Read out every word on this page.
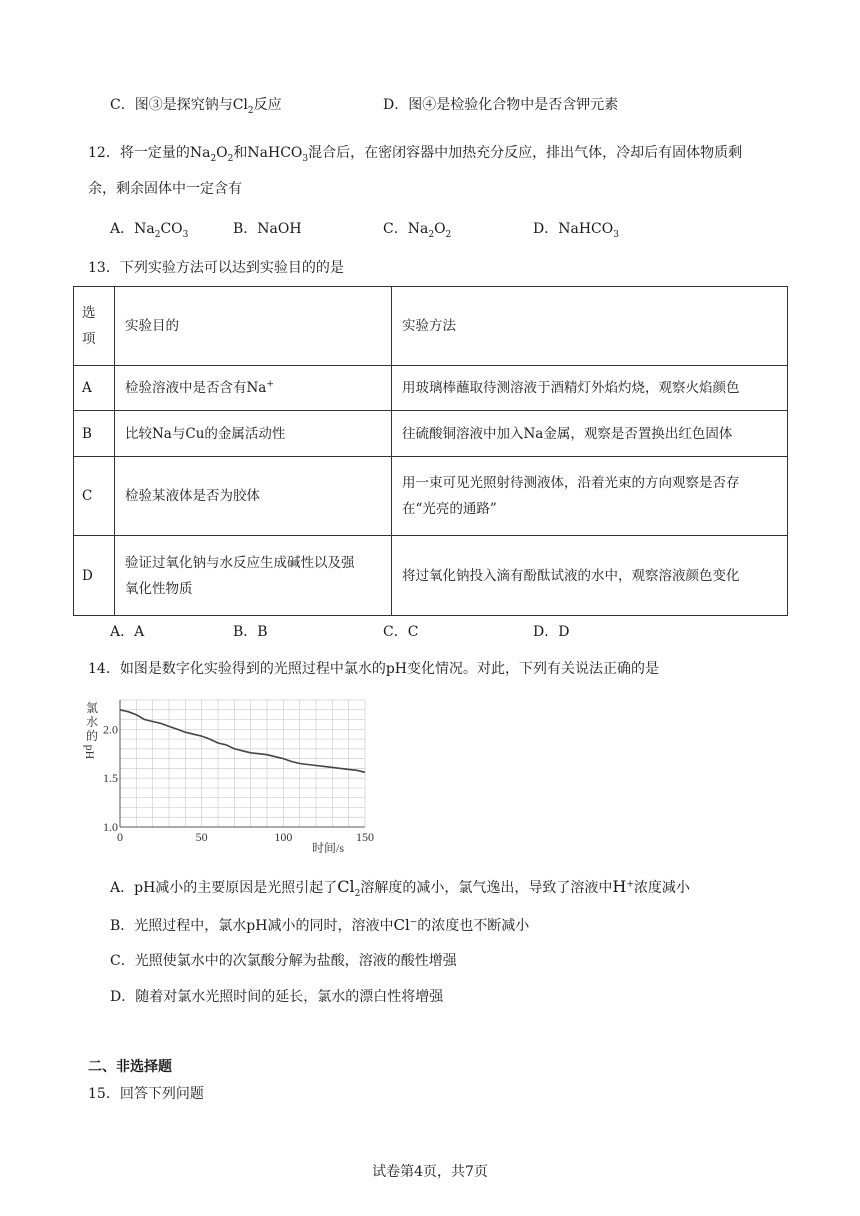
C．图③是探究钠与$Cl_2$反应	D．图④是检验化合物中是否含钾元素
12．将一定量的$Na_2O_2$和NaHCO$_3$混合后，在密闭容器中加热充分反应，排出气体，冷却后有固体物质剩
余，剩余固体中一定含有
A．$Na_2CO_3$	B．NaOH	C．$Na_2O_2$	D．NaHCO$_3$
13．下列实验方法可以达到实验目的的是
选
项	实验目的	实验方法
A	检验溶液中是否含有Na+	用玻璃棒蘸取待测溶液于酒精灯外焰灼烧，观察火焰颜色
B	比较Na与Cu的金属活动性	往硫酸铜溶液中加入Na金属，观察是否置换出红色固体
C	检验某液体是否为胶体	用一束可见光照射待测液体，沿着光束的方向观察是否存
在“光亮的通路”

D	验证过氧化钠与水反应生成碱性以及强
氧化性物质	将过氧化钠投入滴有酚酞试液的水中，观察溶液颜色变化
A．A	B．B	C．C	D．D
14．如图是数字化实验得到的光照过程中氯水的pH变化情况。对此，下列有关说法正确的是
0	50	100	150
1.0
1.5
2.0
氯
水
的
pH
时间/s
A．pH减小的主要原因是光照引起了$Cl_2$溶解度的减小，氯气逸出，导致了溶液中H+浓度减小
B．光照过程中，氯水pH减小的同时，溶液中Cl−的浓度也不断减小
C．光照使氯水中的次氯酸分解为盐酸，溶液的酸性增强
D．随着对氯水光照时间的延长，氯水的漂白性将增强
二、非选择题
15．回答下列问题
试卷第4页，共7页
